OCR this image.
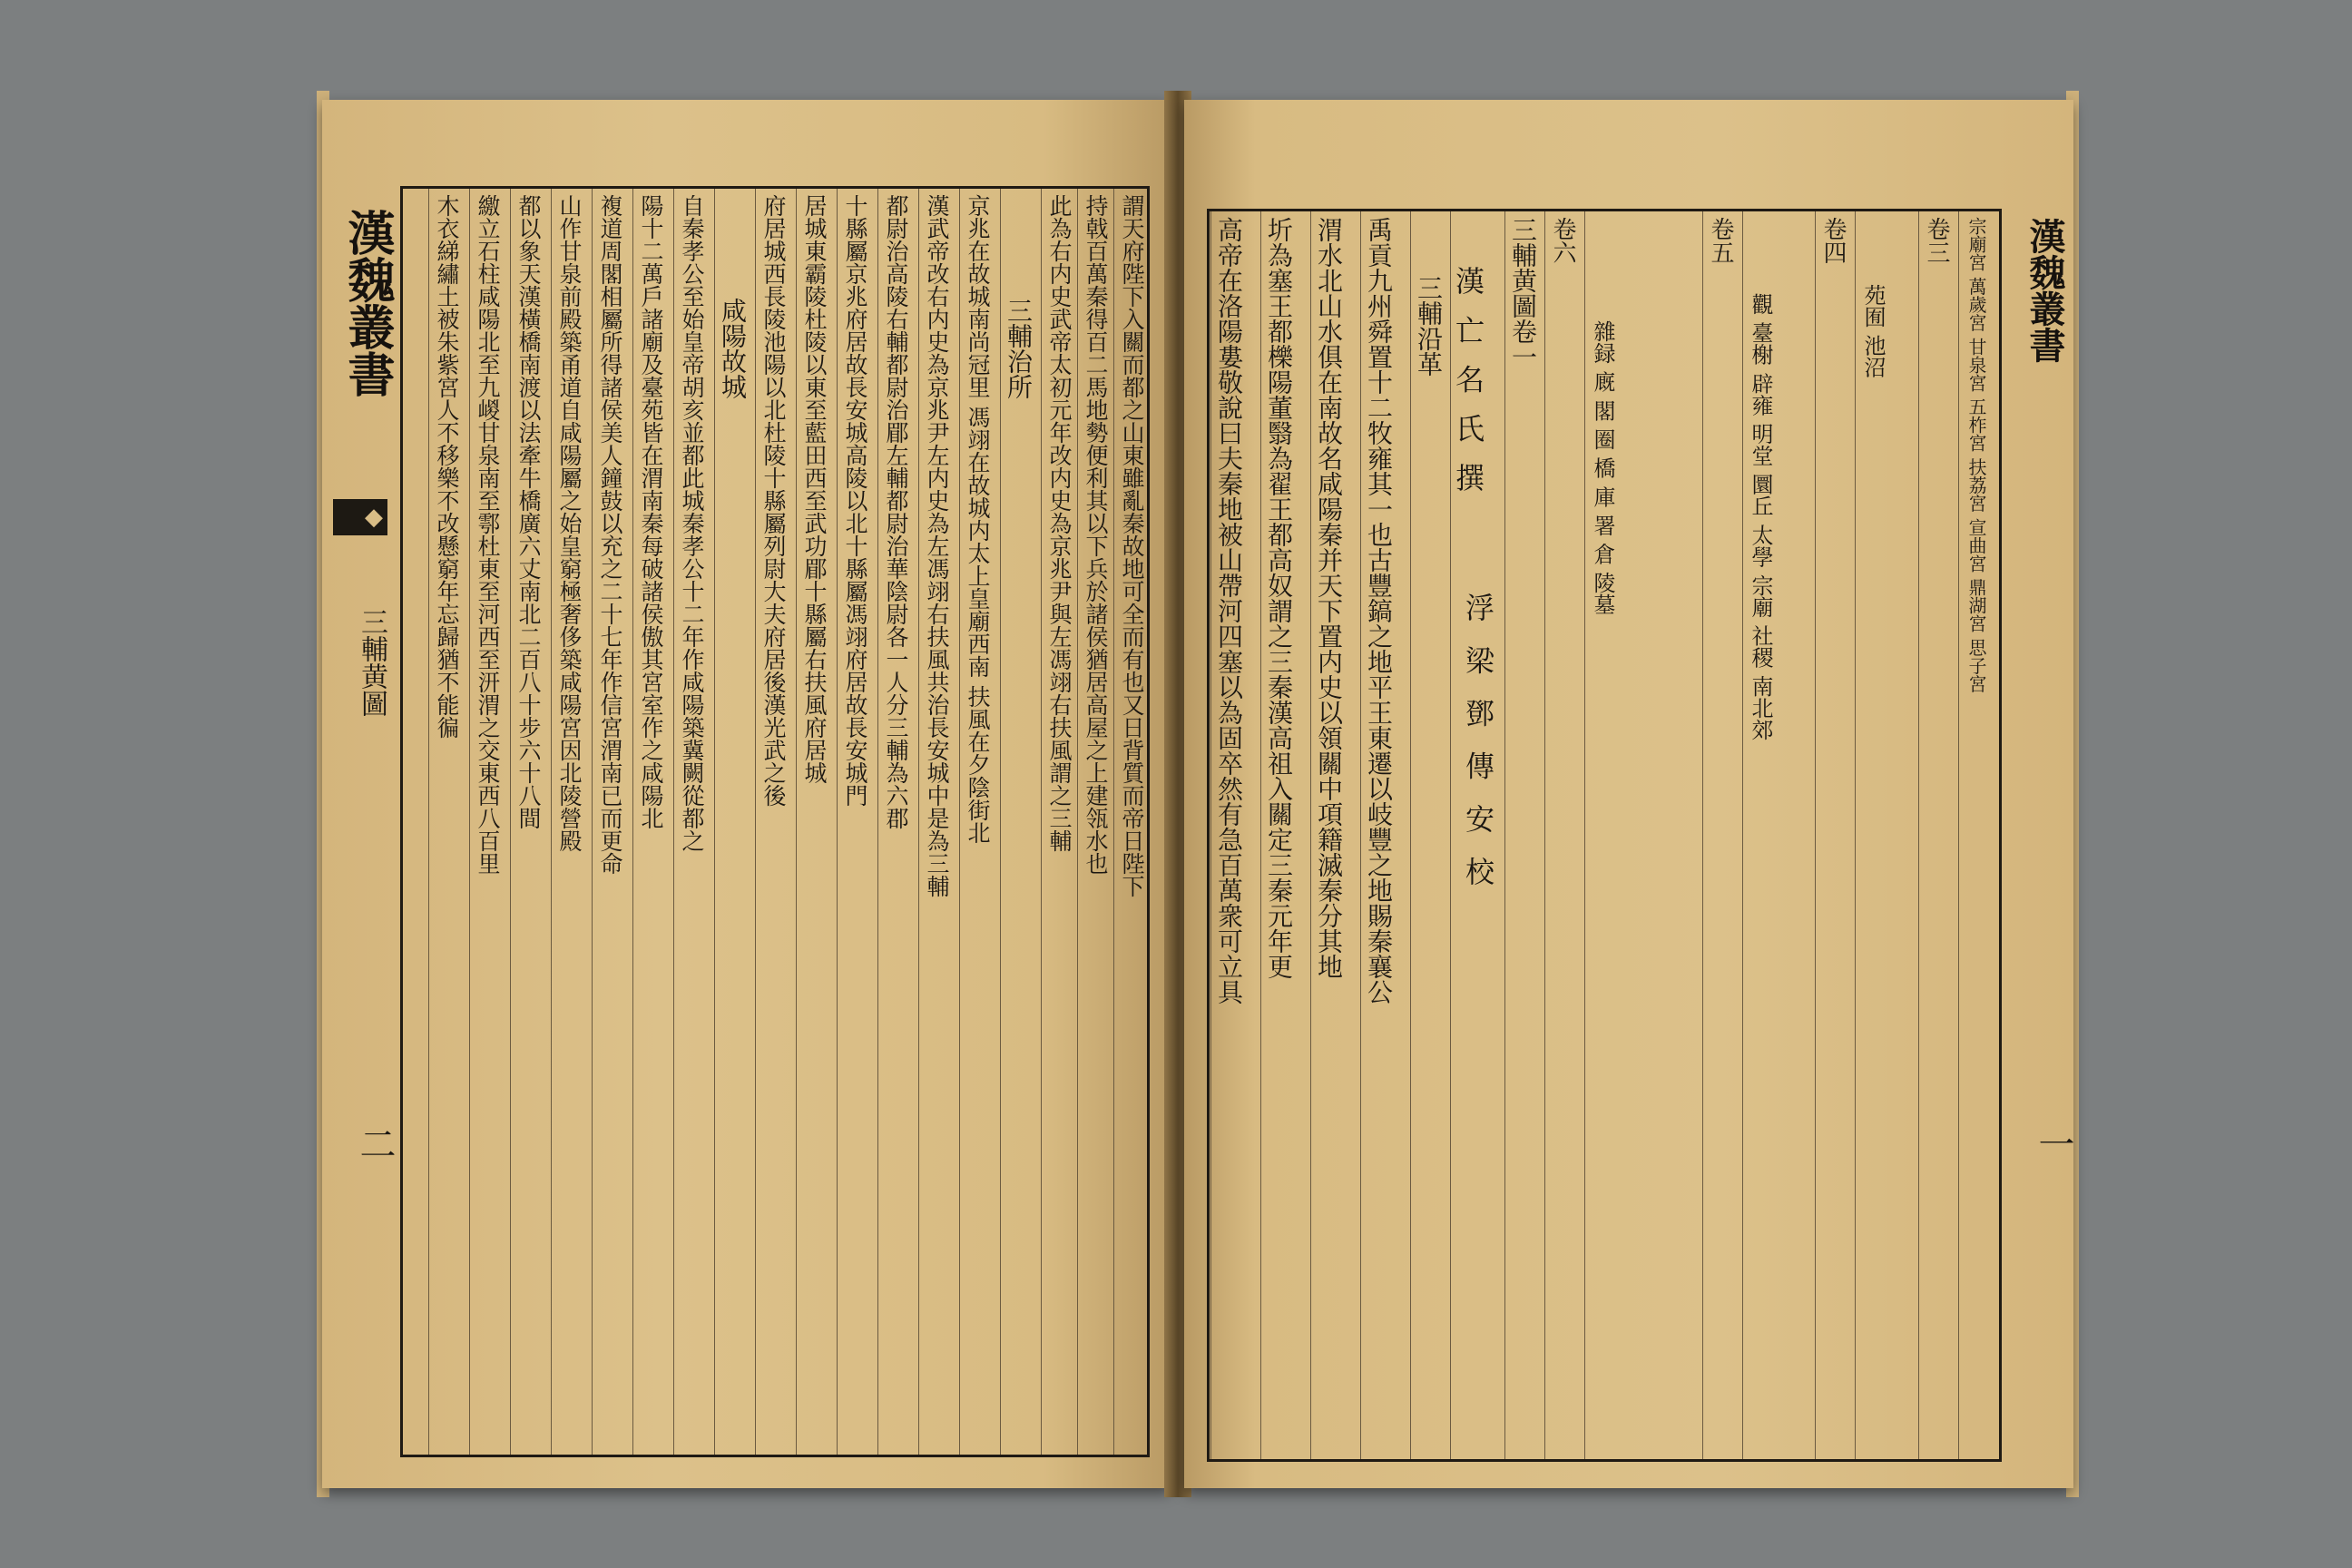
漢魏叢書
◆
三輔黄圖
二
謂天府陛下入關而都之山東雖亂秦故地可全而有也又日背質而帝日陛下
持戟百萬秦得百二馬地勢便利其以下兵於諸侯猶居高屋之上建瓴水也
此為右内史武帝太初元年改内史為京兆尹與左馮翊右扶風謂之三輔
三輔治所
京兆在故城南尚冠里 馮翊在故城内太上皇廟西南 扶風在夕陰街北
漢武帝改右内史為京兆尹左内史為左馮翊右扶風共治長安城中是為三輔
都尉治高陵右輔都尉治郿左輔都尉治華陰尉各一人分三輔為六郡
十縣屬京兆府居故長安城高陵以北十縣屬馮翊府居故長安城門
居城東霸陵杜陵以東至藍田西至武功郿十縣屬右扶風府居城
府居城西長陵池陽以北杜陵十縣屬列尉大夫府居後漢光武之後
咸陽故城
自秦孝公至始皇帝胡亥並都此城秦孝公十二年作咸陽築冀闕從都之
陽十二萬戶諸廟及臺苑皆在渭南秦每破諸侯傲其宮室作之咸陽北
複道周閣相屬所得諸侯美人鐘鼓以充之二十七年作信宮渭南已而更命
山作甘泉前殿築甬道自咸陽屬之始皇窮極奢侈築咸陽宮因北陵營殿
都以象天漢橫橋南渡以法牽牛橋廣六丈南北二百八十步六十八間
繳立石柱咸陽北至九嵕甘泉南至鄠杜東至河西至汧渭之交東西八百里
木衣綈繡土被朱紫宮人不移樂不改懸窮年忘歸猶不能徧	宗廟宮 萬歲宮 甘泉宮 五柞宮 扶荔宮 宣曲宮 鼎湖宮 思子宮
卷三
苑囿 池沼
卷四
觀 臺榭 辟雍 明堂 圜丘 太學 宗廟 社稷 南北郊
卷五
雜録 廐 閣 圈 橋 庫 署 倉 陵墓
卷六
三輔黄圖卷一
漢 亡 名 氏 撰
浮 梁 鄧 傳 安 校
三輔沿革
禹貢九州舜置十二牧雍其一也古豐鎬之地平王東遷以岐豐之地賜秦襄公
渭水北山水俱在南故名咸陽秦并天下置内史以領關中項籍滅秦分其地
圻為塞王都櫟陽董翳為翟王都高奴謂之三秦漢高祖入關定三秦元年更
高帝在洛陽婁敬說曰夫秦地被山帶河四塞以為固卒然有急百萬衆可立具	漢魏叢書
一
